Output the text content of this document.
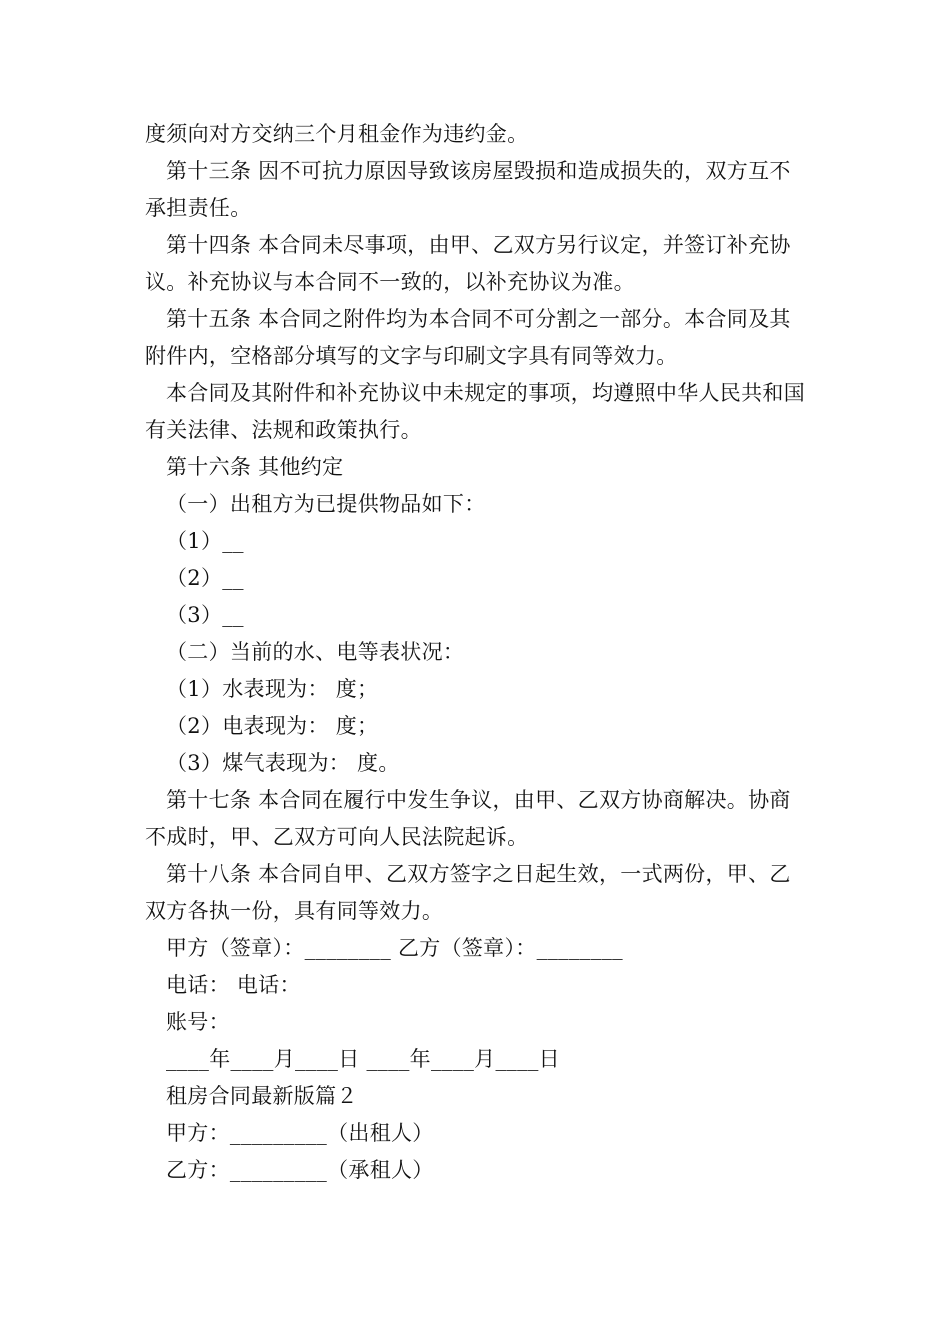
度须向对方交纳三个月租金作为违约金。

第十三条 因不可抗力原因导致该房屋毁损和造成损失的，双方互不承担责任。

第十四条 本合同未尽事项，由甲、乙双方另行议定，并签订补充协议。补充协议与本合同不一致的，以补充协议为准。

第十五条 本合同之附件均为本合同不可分割之一部分。本合同及其附件内，空格部分填写的文字与印刷文字具有同等效力。

本合同及其附件和补充协议中未规定的事项，均遵照中华人民共和国有关法律、法规和政策执行。

第十六条 其他约定

（一）出租方为已提供物品如下：

（1）__

（2）__

（3）__

（二）当前的水、电等表状况：

（1）水表现为： 度；

（2）电表现为： 度；

（3）煤气表现为： 度。

第十七条 本合同在履行中发生争议，由甲、乙双方协商解决。协商不成时，甲、乙双方可向人民法院起诉。

第十八条 本合同自甲、乙双方签字之日起生效，一式两份，甲、乙双方各执一份，具有同等效力。

甲方（签章）：________ 乙方（签章）：________

电话： 电话：

账号：

____年____月____日 ____年____月____日

租房合同最新版篇２

甲方：_________（出租人）

乙方：_________（承租人）
